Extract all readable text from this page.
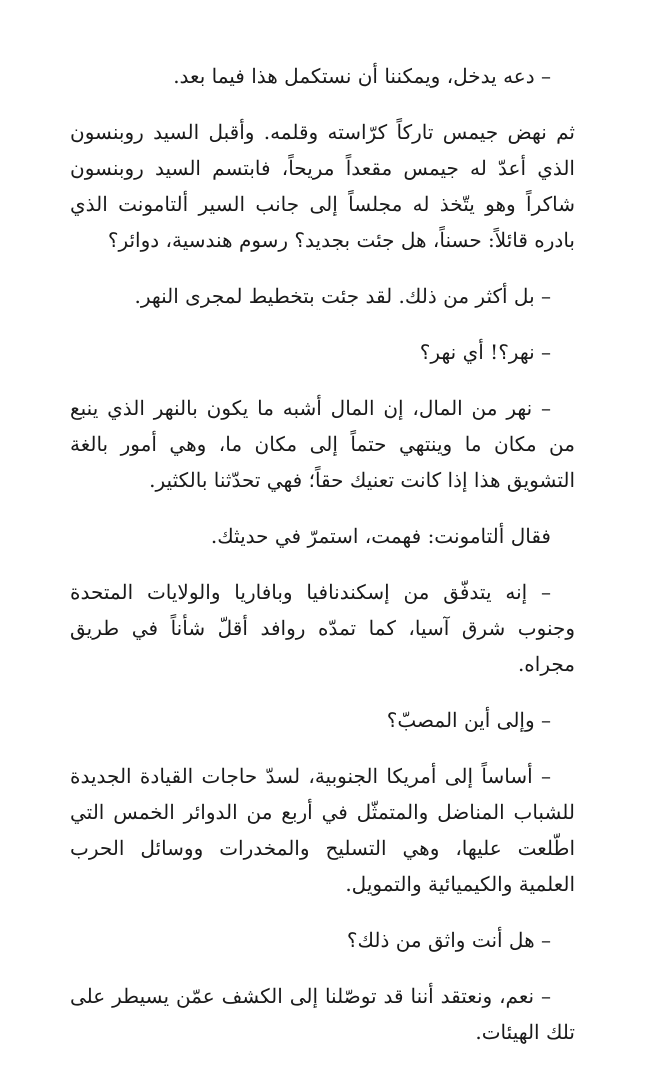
– دعه يدخل، ويمكننا أن نستكمل هذا فيما بعد.

ثم نهض جيمس تاركاً كرّاسته وقلمه. وأقبل السيد روبنسون الذي أعدّ له جيمس مقعداً مريحاً، فابتسم السيد روبنسون شاكراً وهو يتّخذ له مجلساً إلى جانب السير ألتامونت الذي بادره قائلاً: حسناً، هل جئت بجديد؟ رسوم هندسية، دوائر؟

– بل أكثر من ذلك. لقد جئت بتخطيط لمجرى النهر.

– نهر؟! أي نهر؟

– نهر من المال، إن المال أشبه ما يكون بالنهر الذي ينبع من مكان ما وينتهي حتماً إلى مكان ما، وهي أمور بالغة التشويق هذا إذا كانت تعنيك حقاً؛ فهي تحدّثنا بالكثير.

فقال ألتامونت: فهمت، استمرّ في حديثك.

– إنه يتدفّق من إسكندنافيا وبافاريا والولايات المتحدة وجنوب شرق آسيا، كما تمدّه روافد أقلّ شأناً في طريق مجراه.

– وإلى أين المصبّ؟

– أساساً إلى أمريكا الجنوبية، لسدّ حاجات القيادة الجديدة للشباب المناضل والمتمثّل في أربع من الدوائر الخمس التي اطّلعت عليها، وهي التسليح والمخدرات ووسائل الحرب العلمية والكيميائية والتمويل.

– هل أنت واثق من ذلك؟

– نعم، ونعتقد أننا قد توصّلنا إلى الكشف عمّن يسيطر على تلك الهيئات.
